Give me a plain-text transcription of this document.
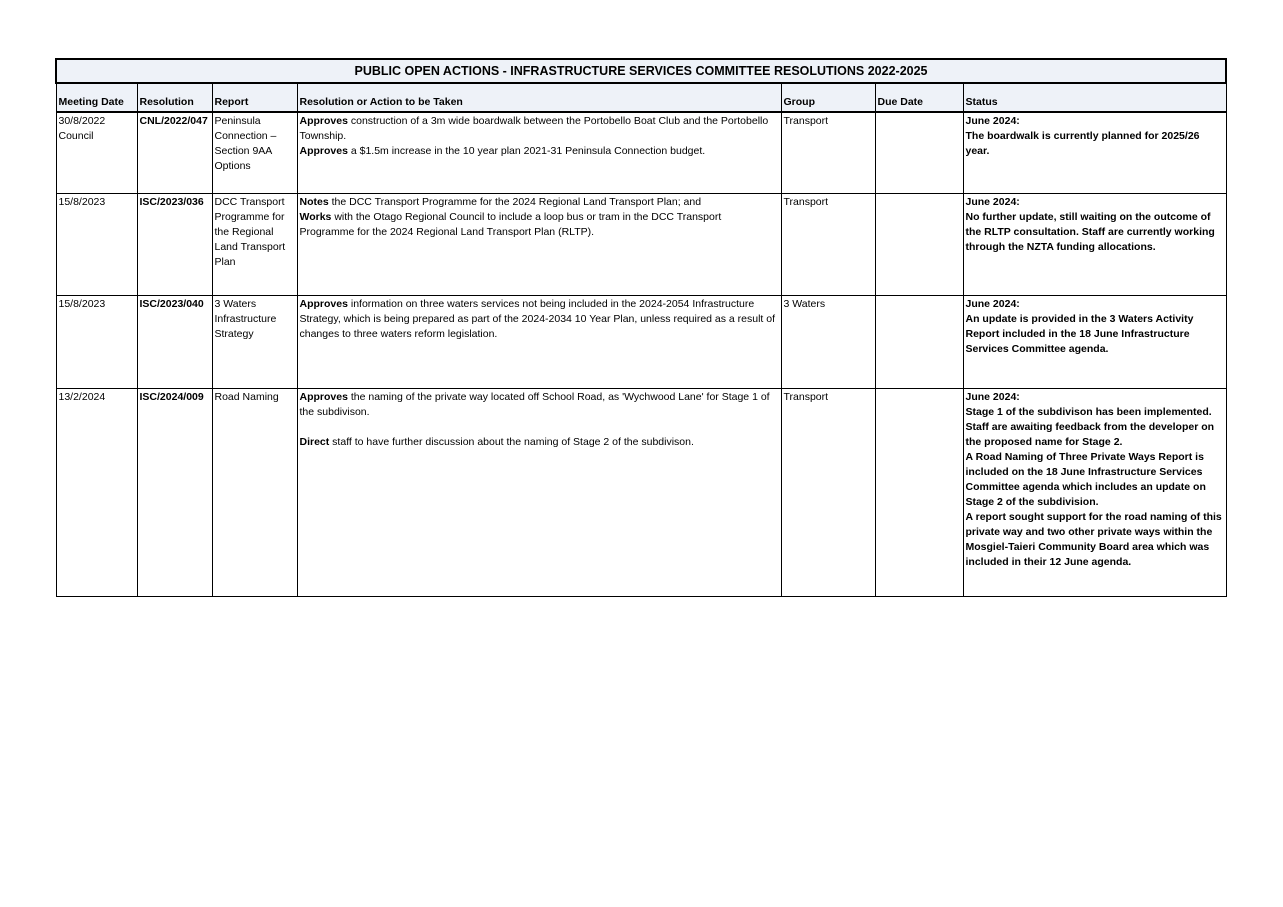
PUBLIC OPEN ACTIONS - INFRASTRUCTURE SERVICES COMMITTEE RESOLUTIONS 2022-2025						
Meeting Date	Resolution	Report	Resolution or Action to be Taken	Group	Due Date	Status
30/8/2022 Council	CNL/2022/047	Peninsula Connection – Section 9AA Options	Approves construction of a 3m wide boardwalk between the Portobello Boat Club and the Portobello Township.
Approves a $1.5m increase in the 10 year plan 2021-31 Peninsula Connection budget.	Transport		June 2024:
The boardwalk is currently planned for 2025/26 year.

15/8/2023	ISC/2023/036	DCC Transport Programme for the Regional Land Transport Plan	Notes the DCC Transport Programme for the 2024 Regional Land Transport Plan; and
Works with the Otago Regional Council to include a loop bus or tram in the DCC Transport Programme for the 2024 Regional Land Transport Plan (RLTP).	Transport		June 2024:
No further update, still waiting on the outcome of the RLTP consultation. Staff are currently working through the NZTA funding allocations.

15/8/2023	ISC/2023/040	3 Waters Infrastructure Strategy	Approves information on three waters services not being included in the 2024-2054 Infrastructure Strategy, which is being prepared as part of the 2024-2034 10 Year Plan, unless required as a result of changes to three waters reform legislation.	3 Waters		June 2024:
An update is provided in the 3 Waters Activity Report included in the 18 June Infrastructure Services Committee agenda.

13/2/2024	ISC/2024/009	Road Naming	Approves the naming of the private way located off School Road, as 'Wychwood Lane' for Stage 1 of the subdivison.
Direct staff to have further discussion about the naming of Stage 2 of the subdivison.	Transport		June 2024:
Stage 1 of the subdivison has been implemented. Staff are awaiting feedback from the developer on the proposed name for Stage 2.
A Road Naming of Three Private Ways Report is included on the 18 June Infrastructure Services Committee agenda which includes an update on Stage 2 of the subdivision.
A report sought support for the road naming of this private way and two other private ways within the Mosgiel-Taieri Community Board area which was included in their 12 June agenda.
